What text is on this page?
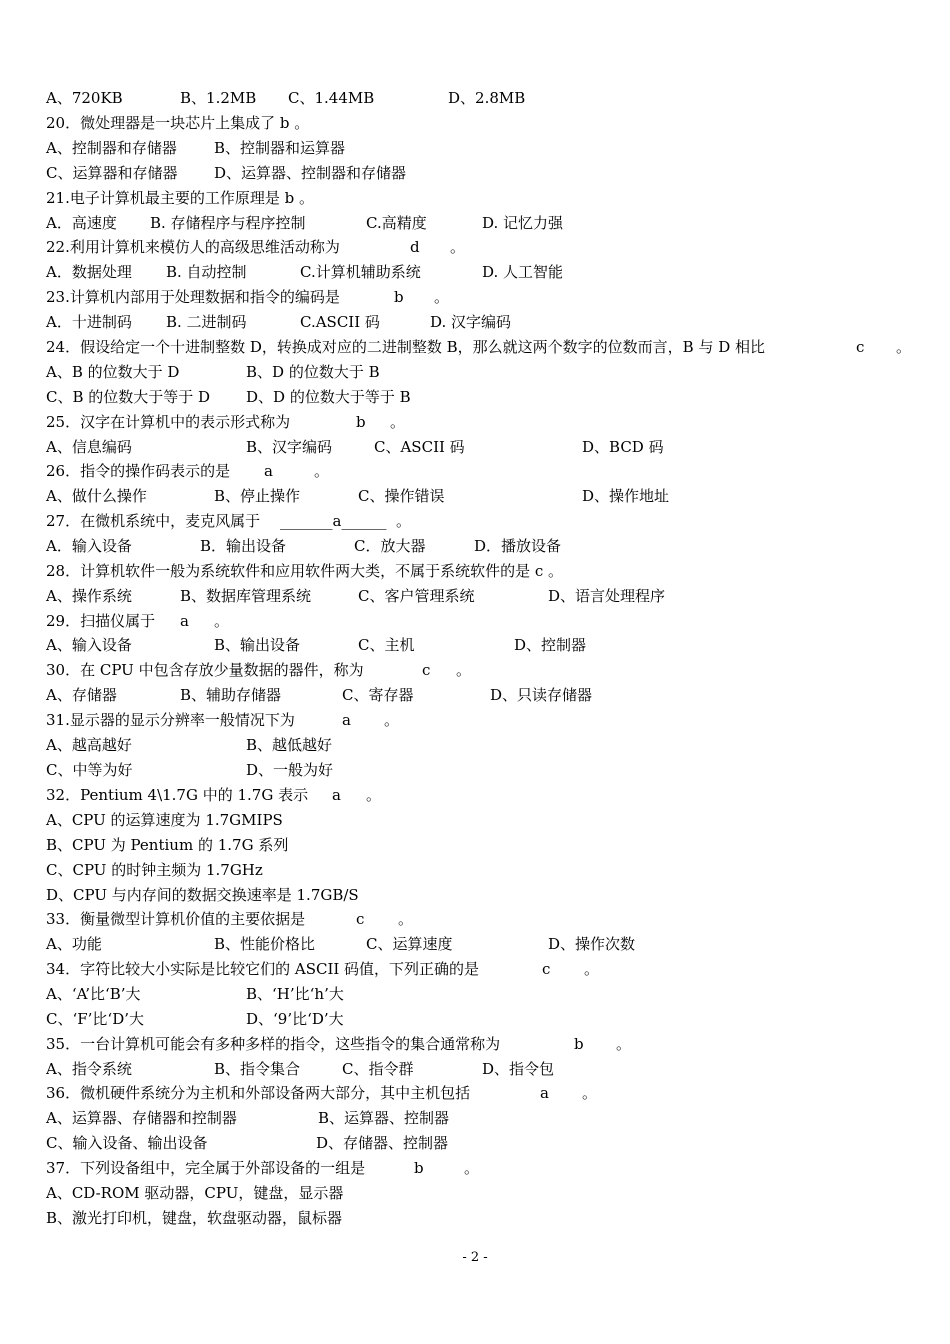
A、720KB	B、1.2MB C、1.44MB	D、2.8MB
20．微处理器是一块芯片上集成了 b 。
A、控制器和存储器 B、控制器和运算器
C、运算器和存储器 D、运算器、控制器和存储器
21.电子计算机最主要的工作原理是 b 。
A．高速度 B. 存储程序与程序控制	C.高精度	D. 记忆力强
22.利用计算机来模仿人的高级思维活动称为	d 。
A．数据处理 B. 自动控制	C.计算机辅助系统	D. 人工智能
23.计算机内部用于处理数据和指令的编码是	b 。
A．十进制码 B. 二进制码	C.ASCII 码	D. 汉字编码
24．假设给定一个十进制整数 D，转换成对应的二进制整数 B，那么就这两个数字的位数而言，B 与 D 相比	c 。
A、B 的位数大于 D	B、D 的位数大于 B
C、B 的位数大于等于 D D、D 的位数大于等于 B
25．汉字在计算机中的表示形式称为	b 。
A、信息编码	B、汉字编码	C、ASCII 码	D、BCD 码
26．指令的操作码表示的是 a	。
A、做什么操作	B、停止操作	C、操作错误	D、操作地址
27．在微机系统中，麦克风属于 _______a______ 。
A．输入设备	B．输出设备	C．放大器	D．播放设备
28．计算机软件一般为系统软件和应用软件两大类，不属于系统软件的是 c 。
A、操作系统	B、数据库管理系统	C、客户管理系统	D、语言处理程序
29．扫描仪属于 a 。
A、输入设备	B、输出设备	C、主机	D、控制器
30．在 CPU 中包含存放少量数据的器件，称为	c 。
A、存储器	B、辅助存储器	C、寄存器	D、只读存储器
31.显示器的显示分辨率一般情况下为	a 。
A、越高越好	B、越低越好
C、中等为好	D、一般为好
32．Pentium 4\1.7G 中的 1.7G 表示 a 。
A、CPU 的运算速度为 1.7GMIPS
B、CPU 为 Pentium 的 1.7G 系列
C、CPU 的时钟主频为 1.7GHz
D、CPU 与内存间的数据交换速率是 1.7GB/S
33．衡量微型计算机价值的主要依据是	c 。
A、功能	B、性能价格比	C、运算速度	D、操作次数
34．字符比较大小实际是比较它们的 ASCII 码值，下列正确的是	c 。
A、‘A’比‘B’大	B、‘H’比‘h’大
C、‘F’比‘D’大	D、‘9’比‘D’大
35．一台计算机可能会有多种多样的指令，这些指令的集合通常称为	b 。
A、指令系统	B、指令集合	C、指令群	D、指令包
36．微机硬件系统分为主机和外部设备两大部分，其中主机包括	a 。
A、运算器、存储器和控制器	B、运算器、控制器
C、输入设备、输出设备	D、存储器、控制器
37．下列设备组中，完全属于外部设备的一组是	b	。
A、CD-ROM 驱动器，CPU，键盘，显示器
B、激光打印机，键盘，软盘驱动器，鼠标器
- 2 -
